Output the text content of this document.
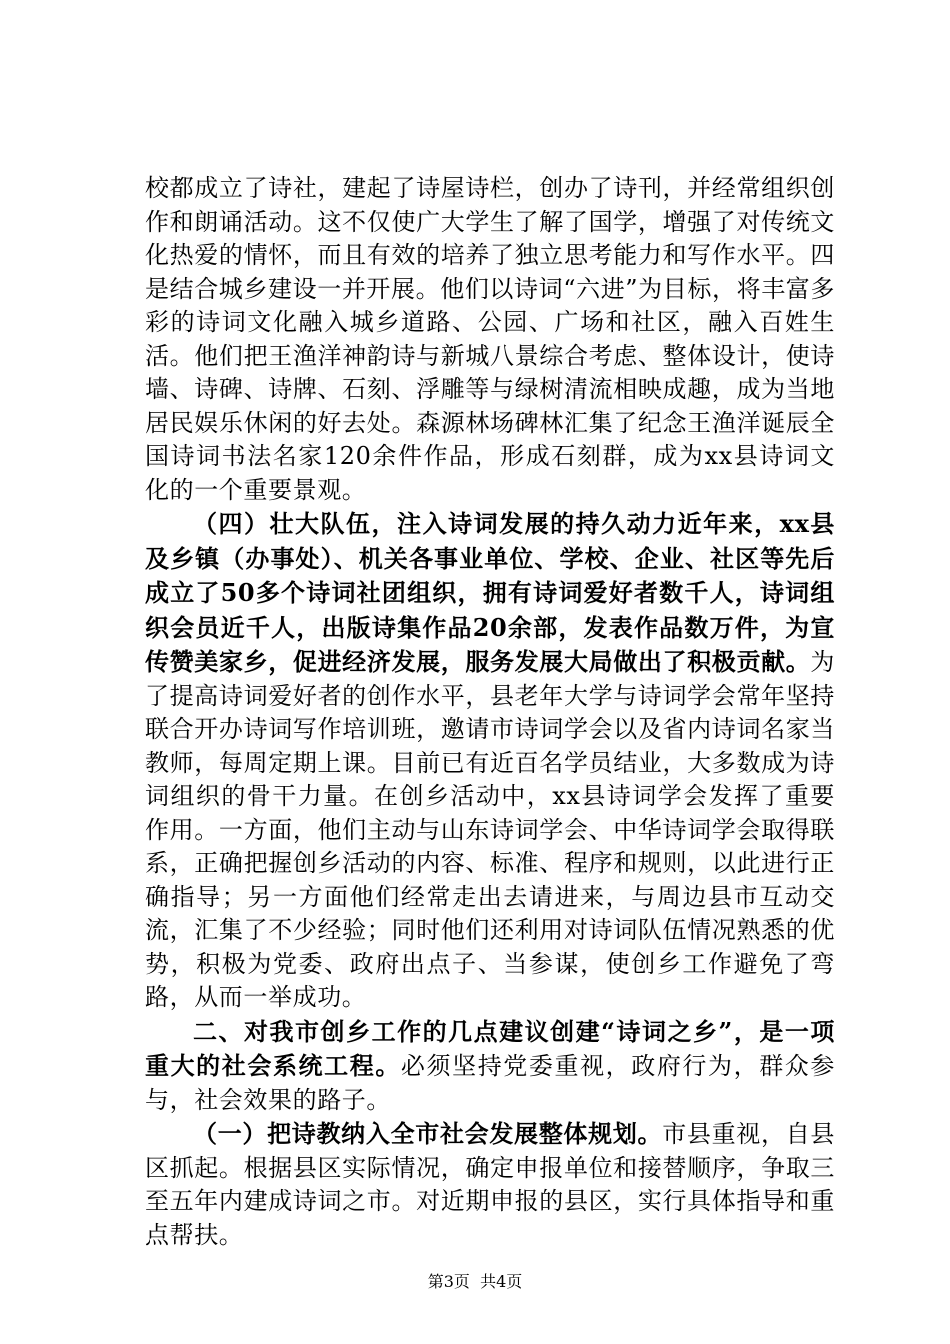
校都成立了诗社，建起了诗屋诗栏，创办了诗刊，并经常组织创作和朗诵活动。这不仅使广大学生了解了国学，增强了对传统文化热爱的情怀，而且有效的培养了独立思考能力和写作水平。四是结合城乡建设一并开展。他们以诗词“六进”为目标，将丰富多彩的诗词文化融入城乡道路、公园、广场和社区，融入百姓生活。他们把王渔洋神韵诗与新城八景综合考虑、整体设计，使诗墙、诗碑、诗牌、石刻、浮雕等与绿树清流相映成趣，成为当地居民娱乐休闲的好去处。森源林场碑林汇集了纪念王渔洋诞辰全国诗词书法名家120余件作品，形成石刻群，成为xx县诗词文化的一个重要景观。

（四）壮大队伍，注入诗词发展的持久动力近年来，xx县及乡镇（办事处）、机关各事业单位、学校、企业、社区等先后成立了50多个诗词社团组织，拥有诗词爱好者数千人，诗词组织会员近千人，出版诗集作品20余部，发表作品数万件，为宣传赞美家乡，促进经济发展，服务发展大局做出了积极贡献。为了提高诗词爱好者的创作水平，县老年大学与诗词学会常年坚持联合开办诗词写作培训班，邀请市诗词学会以及省内诗词名家当教师，每周定期上课。目前已有近百名学员结业，大多数成为诗词组织的骨干力量。在创乡活动中，xx县诗词学会发挥了重要作用。一方面，他们主动与山东诗词学会、中华诗词学会取得联系，正确把握创乡活动的内容、标准、程序和规则，以此进行正确指导；另一方面他们经常走出去请进来，与周边县市互动交流，汇集了不少经验；同时他们还利用对诗词队伍情况熟悉的优势，积极为党委、政府出点子、当参谋，使创乡工作避免了弯路，从而一举成功。

二、对我市创乡工作的几点建议创建“诗词之乡”，是一项重大的社会系统工程。必须坚持党委重视，政府行为，群众参与，社会效果的路子。

（一）把诗教纳入全市社会发展整体规划。市县重视，自县区抓起。根据县区实际情况，确定申报单位和接替顺序，争取三至五年内建成诗词之市。对近期申报的县区，实行具体指导和重点帮扶。

第3页 共4页
